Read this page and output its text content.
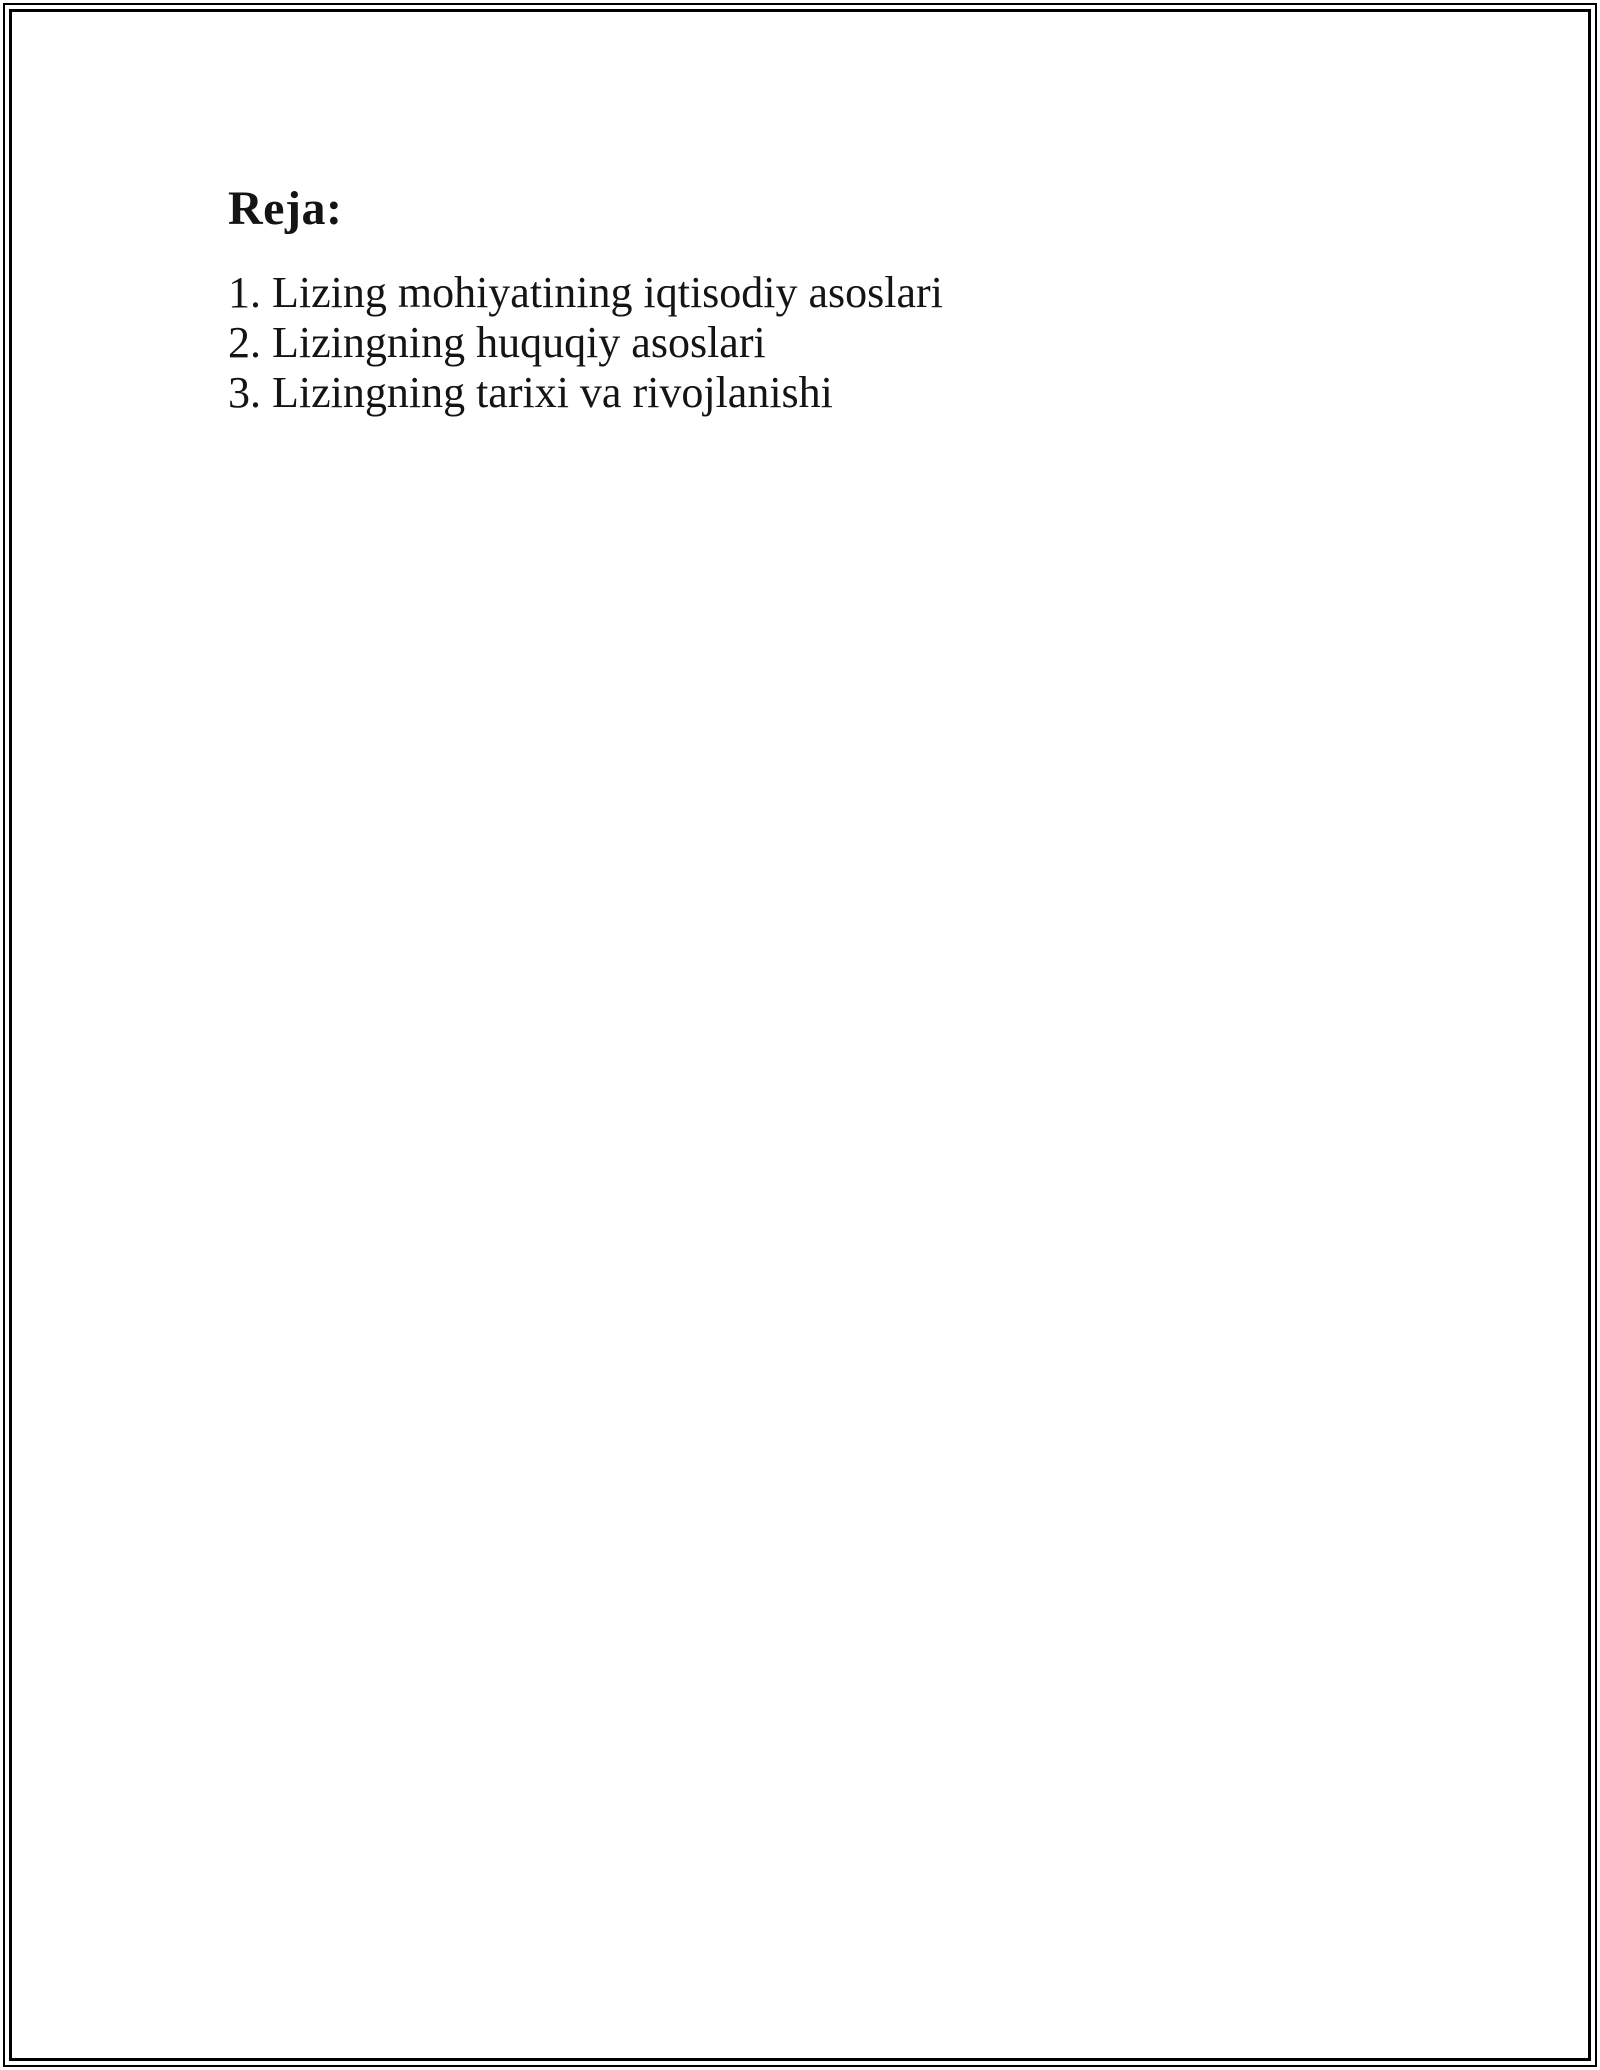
Reja:
1. Lizing mohiyatining iqtisodiy asoslari
2. Lizingning huquqiy asoslari
3. Lizingning tarixi va rivojlanishi
